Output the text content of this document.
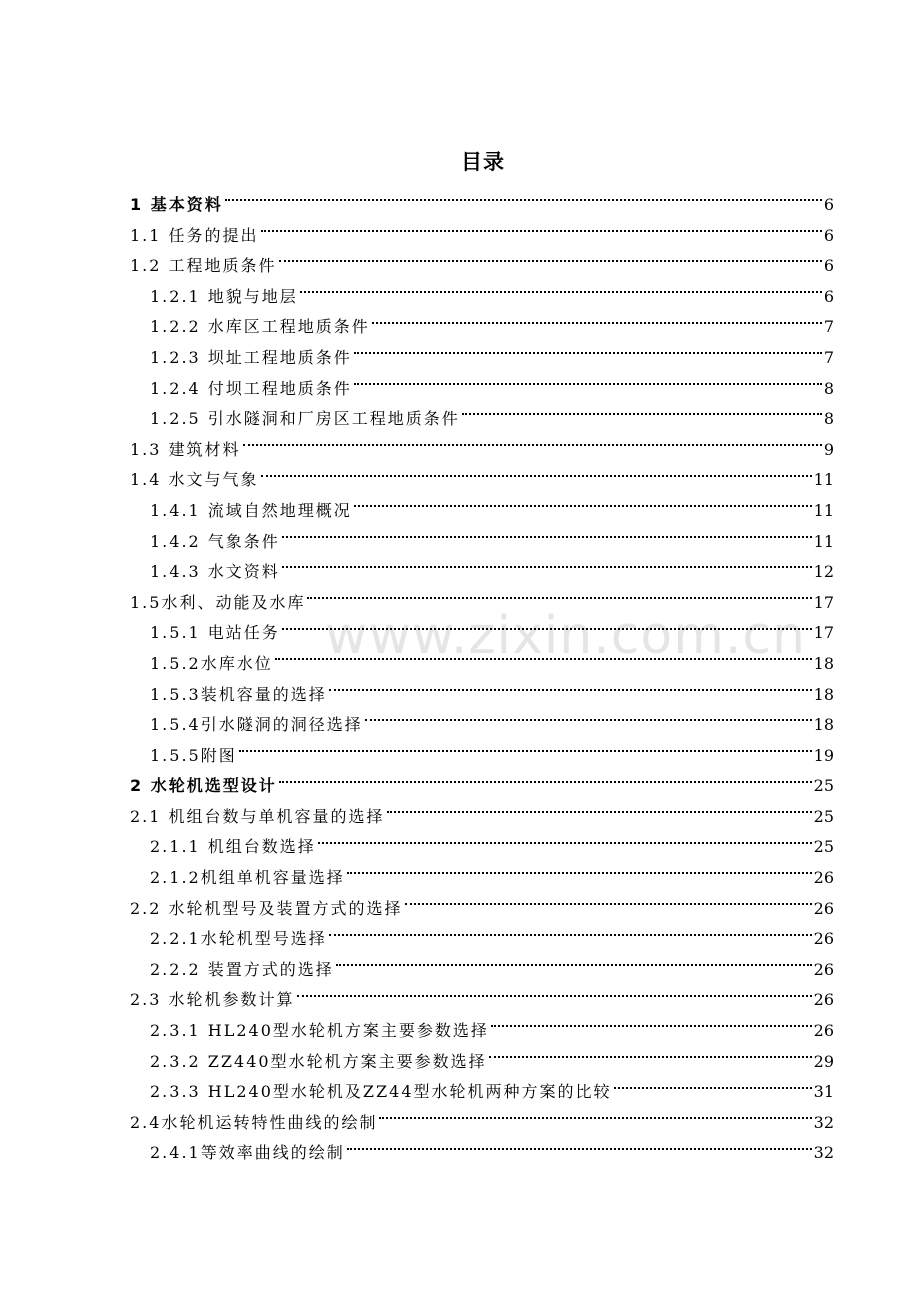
目录
www.zixin.com.cn
1 基本资料	6
1.1 任务的提出	6
1.2 工程地质条件	6
1.2.1 地貌与地层	6
1.2.2 水库区工程地质条件	7
1.2.3 坝址工程地质条件	7
1.2.4 付坝工程地质条件	8
1.2.5 引水隧洞和厂房区工程地质条件	8
1.3 建筑材料	9
1.4 水文与气象	11
1.4.1 流域自然地理概况	11
1.4.2 气象条件	11
1.4.3 水文资料	12
1.5水利、动能及水库	17
1.5.1 电站任务	17
1.5.2水库水位	18
1.5.3装机容量的选择	18
1.5.4引水隧洞的洞径选择	18
1.5.5附图	19
2 水轮机选型设计	25
2.1 机组台数与单机容量的选择	25
2.1.1 机组台数选择	25
2.1.2机组单机容量选择	26
2.2 水轮机型号及装置方式的选择	26
2.2.1水轮机型号选择	26
2.2.2 装置方式的选择	26
2.3 水轮机参数计算	26
2.3.1 HL240型水轮机方案主要参数选择	26
2.3.2 ZZ440型水轮机方案主要参数选择	29
2.3.3 HL240型水轮机及ZZ44型水轮机两种方案的比较	31
2.4水轮机运转特性曲线的绘制	32
2.4.1等效率曲线的绘制	32
